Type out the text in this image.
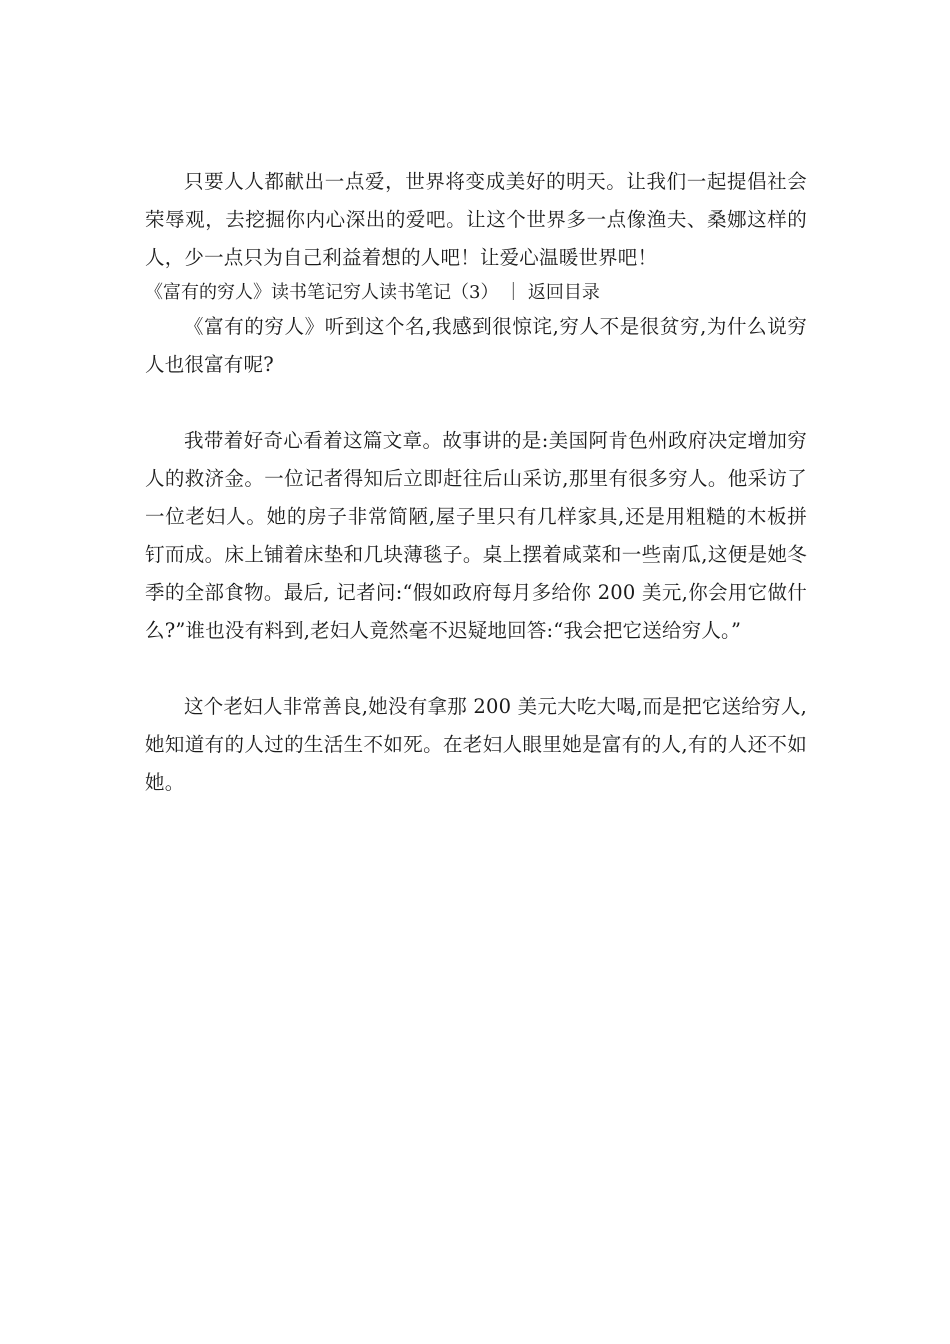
只要人人都献出一点爱，世界将变成美好的明天。让我们一起提倡社会荣辱观，去挖掘你内心深出的爱吧。让这个世界多一点像渔夫、桑娜这样的人，少一点只为自己利益着想的人吧！让爱心温暖世界吧！

《富有的穷人》读书笔记穷人读书笔记（3） ｜ 返回目录

《富有的穷人》听到这个名,我感到很惊诧,穷人不是很贫穷,为什么说穷人也很富有呢?

我带着好奇心看着这篇文章。故事讲的是:美国阿肯色州政府决定增加穷人的救济金。一位记者得知后立即赶往后山采访,那里有很多穷人。他采访了一位老妇人。她的房子非常简陋,屋子里只有几样家具,还是用粗糙的木板拼钉而成。床上铺着床垫和几块薄毯子。桌上摆着咸菜和一些南瓜,这便是她冬季的全部食物。最后, 记者问:“假如政府每月多给你 200 美元,你会用它做什么?”谁也没有料到,老妇人竟然毫不迟疑地回答:“我会把它送给穷人。”

这个老妇人非常善良,她没有拿那 200 美元大吃大喝,而是把它送给穷人,她知道有的人过的生活生不如死。在老妇人眼里她是富有的人,有的人还不如她。
